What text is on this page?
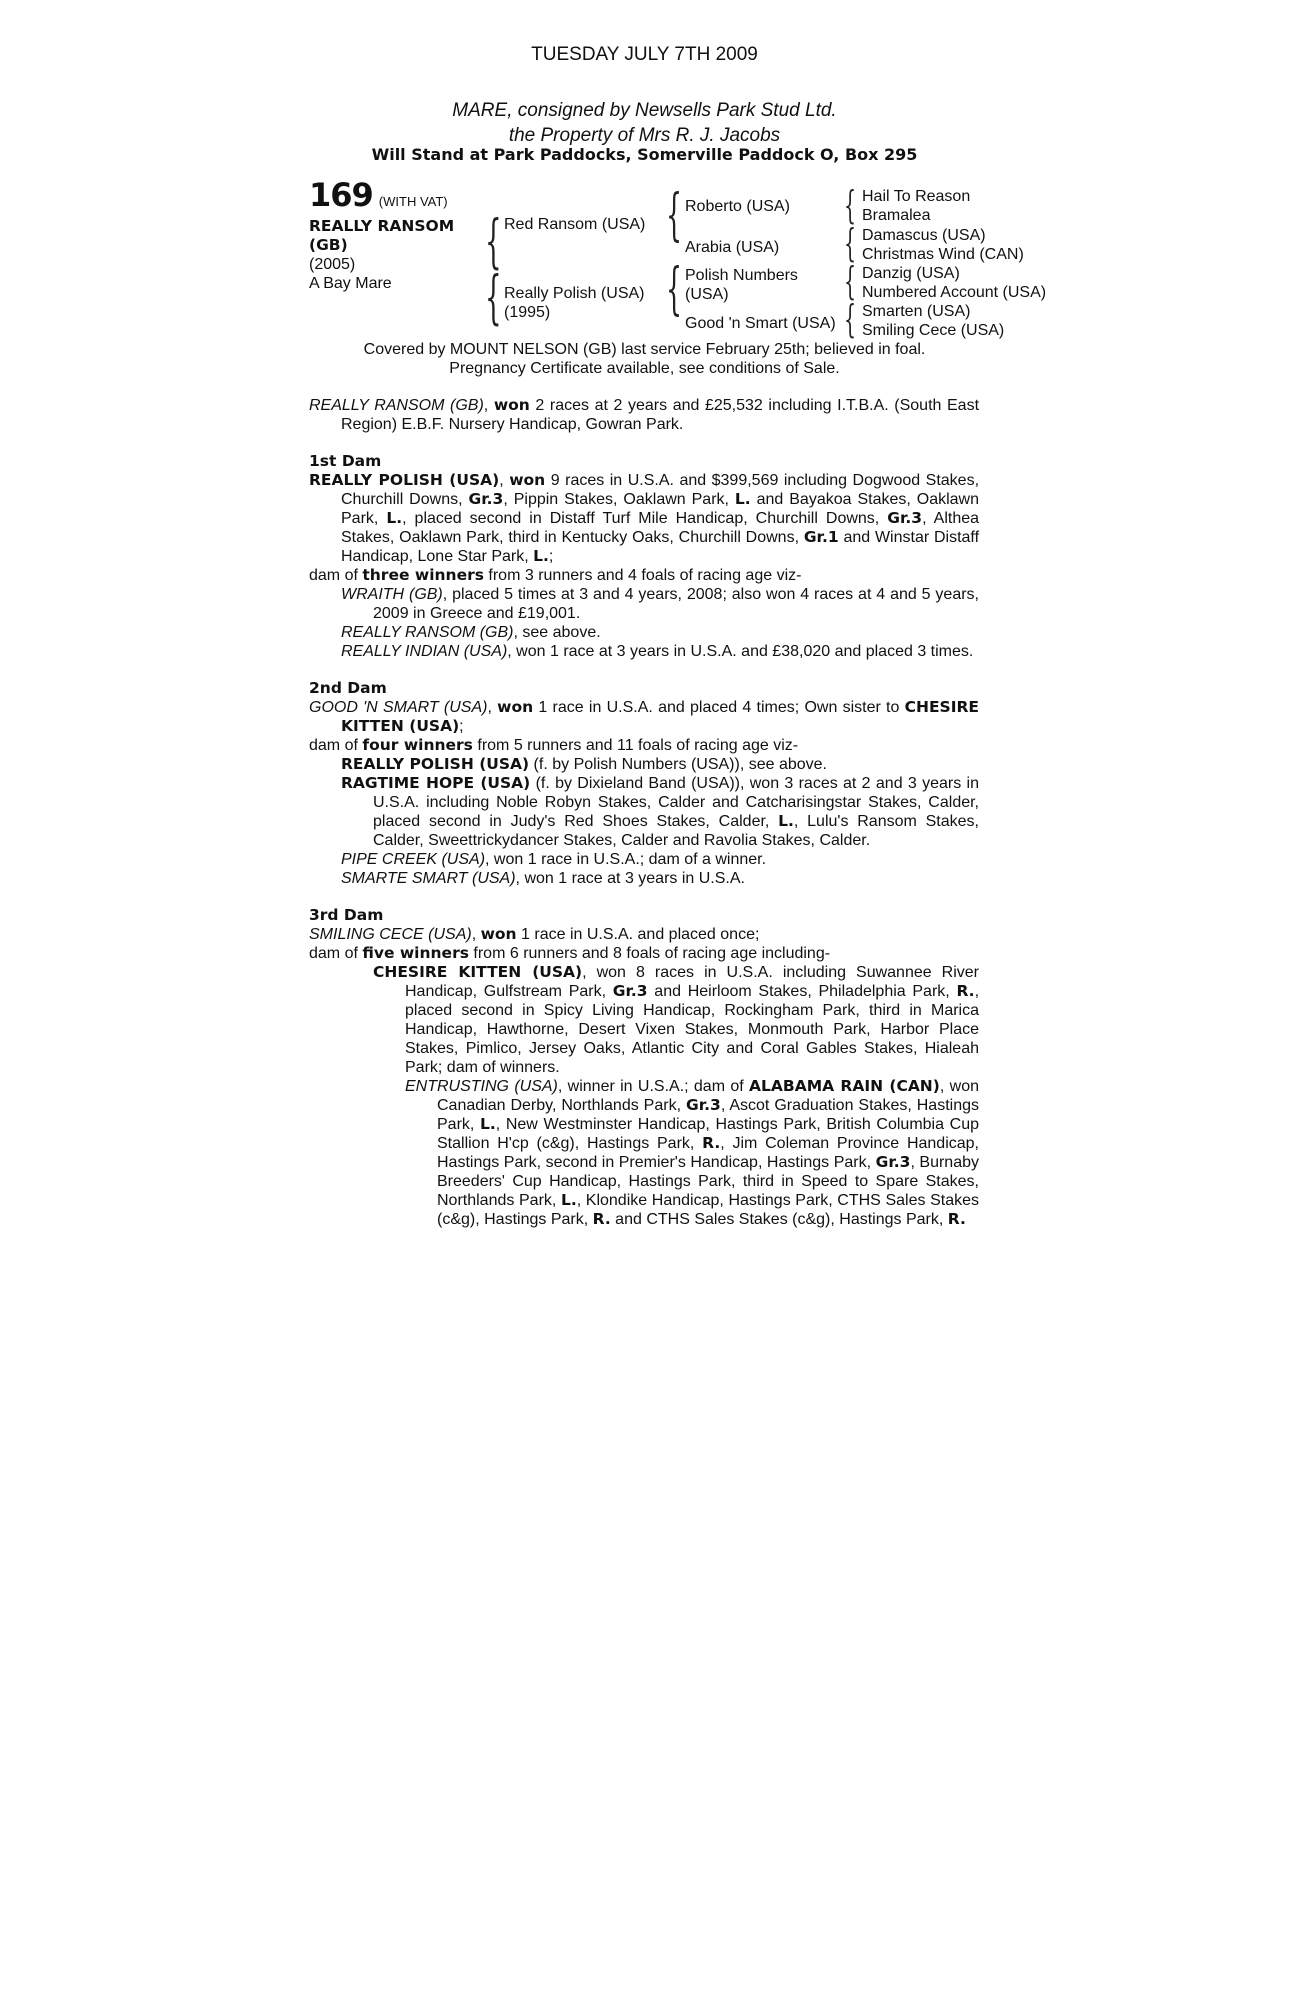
TUESDAY JULY 7TH 2009
MARE, consigned by Newsells Park Stud Ltd.
the Property of Mrs R. J. Jacobs
Will Stand at Park Paddocks, Somerville Paddock O, Box 295
169 (WITH VAT)
REALLY RANSOM
(GB)
(2005)
A Bay Mare
{
{
Red Ransom (USA)
Really Polish (USA)
(1995)
{
{
Roberto (USA)
Arabia (USA)
Polish Numbers
(USA)
Good 'n Smart (USA)
{
{
{
{
Hail To Reason
Bramalea
Damascus (USA)
Christmas Wind (CAN)
Danzig (USA)
Numbered Account (USA)
Smarten (USA)
Smiling Cece (USA)
Covered by MOUNT NELSON (GB) last service February 25th; believed in foal.
Pregnancy Certificate available, see conditions of Sale.

REALLY RANSOM (GB), won 2 races at 2 years and £25,532 including I.T.B.A. (South East Region) E.B.F. Nursery Handicap, Gowran Park.

1st Dam

REALLY POLISH (USA), won 9 races in U.S.A. and $399,569 including Dogwood Stakes, Churchill Downs, Gr.3, Pippin Stakes, Oaklawn Park, L. and Bayakoa Stakes, Oaklawn Park, L., placed second in Distaff Turf Mile Handicap, Churchill Downs, Gr.3, Althea Stakes, Oaklawn Park, third in Kentucky Oaks, Churchill Downs, Gr.1 and Winstar Distaff Handicap, Lone Star Park, L.;

dam of three winners from 3 runners and 4 foals of racing age viz-

WRAITH (GB), placed 5 times at 3 and 4 years, 2008; also won 4 races at 4 and 5 years, 2009 in Greece and £19,001.

REALLY RANSOM (GB), see above.

REALLY INDIAN (USA), won 1 race at 3 years in U.S.A. and £38,020 and placed 3 times.

2nd Dam

GOOD 'N SMART (USA), won 1 race in U.S.A. and placed 4 times; Own sister to CHESIRE KITTEN (USA);

dam of four winners from 5 runners and 11 foals of racing age viz-

REALLY POLISH (USA) (f. by Polish Numbers (USA)), see above.

RAGTIME HOPE (USA) (f. by Dixieland Band (USA)), won 3 races at 2 and 3 years in U.S.A. including Noble Robyn Stakes, Calder and Catcharisingstar Stakes, Calder, placed second in Judy's Red Shoes Stakes, Calder, L., Lulu's Ransom Stakes, Calder, Sweettrickydancer Stakes, Calder and Ravolia Stakes, Calder.

PIPE CREEK (USA), won 1 race in U.S.A.; dam of a winner.

SMARTE SMART (USA), won 1 race at 3 years in U.S.A.

3rd Dam

SMILING CECE (USA), won 1 race in U.S.A. and placed once;

dam of five winners from 6 runners and 8 foals of racing age including-

CHESIRE KITTEN (USA), won 8 races in U.S.A. including Suwannee River Handicap, Gulfstream Park, Gr.3 and Heirloom Stakes, Philadelphia Park, R., placed second in Spicy Living Handicap, Rockingham Park, third in Marica Handicap, Hawthorne, Desert Vixen Stakes, Monmouth Park, Harbor Place Stakes, Pimlico, Jersey Oaks, Atlantic City and Coral Gables Stakes, Hialeah Park; dam of winners.

ENTRUSTING (USA), winner in U.S.A.; dam of ALABAMA RAIN (CAN), won Canadian Derby, Northlands Park, Gr.3, Ascot Graduation Stakes, Hastings Park, L., New Westminster Handicap, Hastings Park, British Columbia Cup Stallion H'cp (c&g), Hastings Park, R., Jim Coleman Province Handicap, Hastings Park, second in Premier's Handicap, Hastings Park, Gr.3, Burnaby Breeders' Cup Handicap, Hastings Park, third in Speed to Spare Stakes, Northlands Park, L., Klondike Handicap, Hastings Park, CTHS Sales Stakes (c&g), Hastings Park, R. and CTHS Sales Stakes (c&g), Hastings Park, R.
